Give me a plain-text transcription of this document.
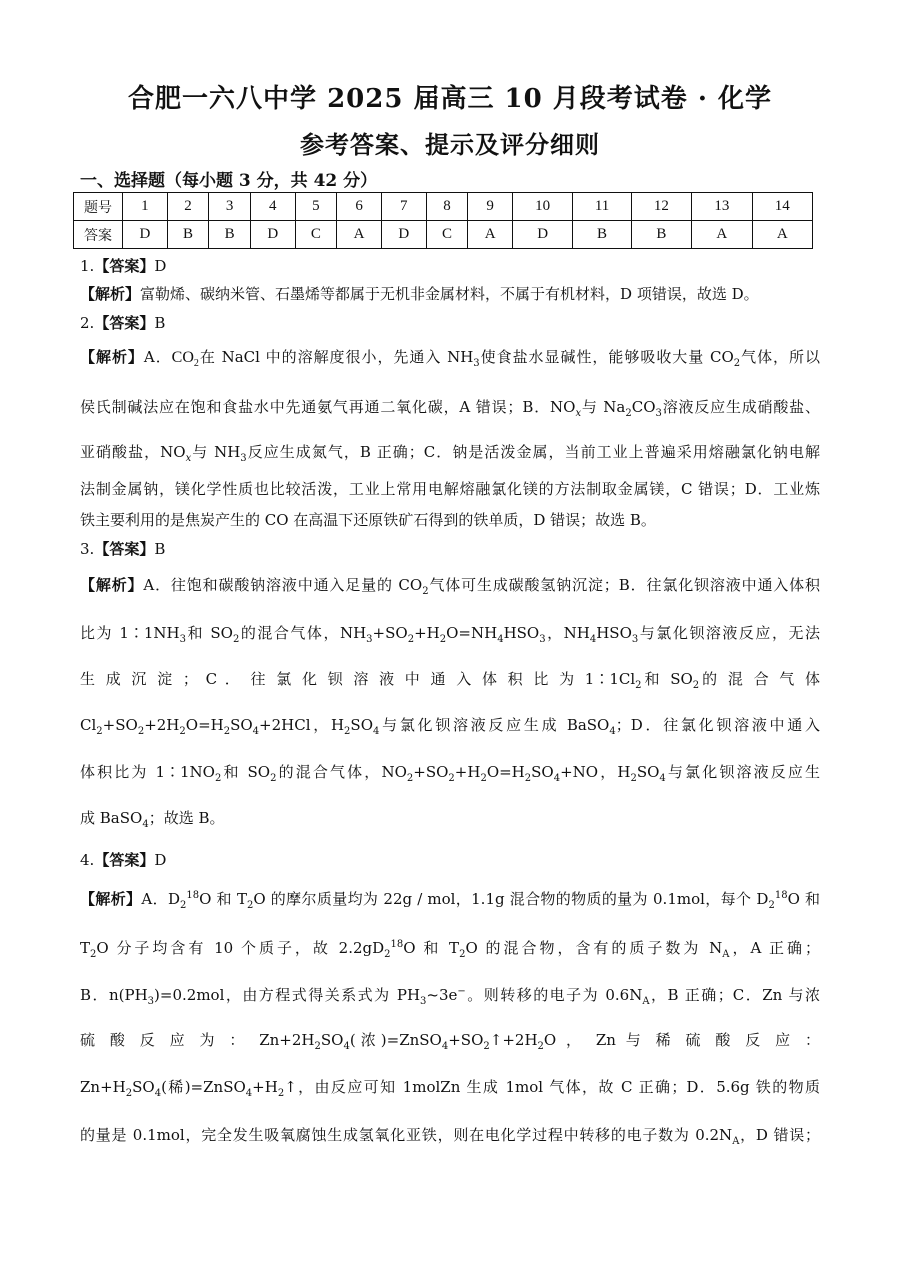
合肥一六八中学 2025 届高三 10 月段考试卷 · 化学
参考答案、提示及评分细则
一、选择题（每小题 3 分，共 42 分）
题号	1	2	3	4	5	6	7	8	9	10	11	12	13	14
答案	D	B	B	D	C	A	D	C	A	D	B	B	A	A
1.【答案】D
【解析】富勒烯、碳纳米管、石墨烯等都属于无机非金属材料，不属于有机材料，D 项错误，故选 D。
2.【答案】B
【解析】A．$CO_2$在 NaCl 中的溶解度很小，先通入 $NH_3$使食盐水显碱性，能够吸收大量 $CO_2$气体，所以
侯氏制碱法应在饱和食盐水中先通氨气再通二氧化碳，A 错误；B．$NO_x$与 $Na_2CO_3$溶液反应生成硝酸盐、
亚硝酸盐，$NO_x$与 $NH_3$反应生成氮气，B 正确；C．钠是活泼金属，当前工业上普遍采用熔融氯化钠电解
法制金属钠，镁化学性质也比较活泼，工业上常用电解熔融氯化镁的方法制取金属镁，C 错误；D．工业炼
铁主要利用的是焦炭产生的 CO 在高温下还原铁矿石得到的铁单质，D 错误；故选 B。
3.【答案】B
【解析】A．往饱和碳酸钠溶液中通入足量的 $CO_2$气体可生成碳酸氢钠沉淀；B．往氯化钡溶液中通入体积
比为 $1∶1NH_3$和 $SO_2$的混合气体，$NH_3+SO_2+H_2O=NH_4HSO_3$，$NH_4HSO_3$与氯化钡溶液反应，无法
生 成 沉 淀 ； C ． 往 氯 化 钡 溶 液 中 通 入 体 积 比 为 $1∶1Cl_2$和 $SO_2$的 混 合 气 体
$Cl_2+SO_2+2H_2O=H_2SO_4+2HCl$，$H_2SO_4$与氯化钡溶液反应生成 BaSO$_4$；D．往氯化钡溶液中通入
体积比为 $1∶1NO_2$和 $SO_2$的混合气体，$NO_2+SO_2+H_2O=H_2SO_4+NO$，$H_2SO_4$与氯化钡溶液反应生
成 BaSO$_4$；故选 B。
4.【答案】D
【解析】A．$D_2^{18}O$ 和 $T_2O$ 的摩尔质量均为 22g / mol，1.1g 混合物的物质的量为 0.1mol，每个 $D_2^{18}O$ 和
$T_2O$ 分子均含有 10 个质子，故 $2.2gD_2^{18}O$ 和 $T_2O$ 的混合物，含有的质子数为 $N_A$，A 正确；
B．$n(PH_3)=0.2mol$，由方程式得关系式为 $PH_3\sim 3e^-$。则转移的电子为 $0.6N_A$，B 正确；C．Zn 与浓
硫 酸 反 应 为 ： $Zn+2H_2SO_4$(浓)$=ZnSO_4+SO_2↑+2H_2O$ ， Zn 与 稀 硫 酸 反 应 ：
$Zn+H_2SO_4$(稀)$=ZnSO_4+H_2↑$，由反应可知 1molZn 生成 1mol 气体，故 C 正确；D．5.6g 铁的物质
的量是 0.1mol，完全发生吸氧腐蚀生成氢氧化亚铁，则在电化学过程中转移的电子数为 $0.2N_A$，D 错误；
